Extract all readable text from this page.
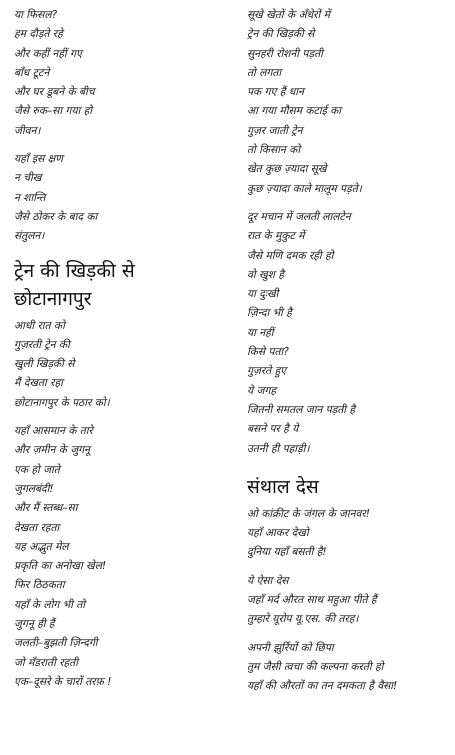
या फिसल?
हम दौड़ते रहे
और कहीं नहीं गए
बाँध टूटने
और घर डूबने के बीच
जैसे रुक–सा गया हो
जीवन।
यहाँ इस क्षण
न चीख
न शान्ति
जैसे ठोकर के बाद का
संतुलन।
ट्रेन की खिड़की से
छोटानागपुर
आधी रात को
गुज़रती ट्रेन की
खुली खिड़की से
मैं देखता रहा
छोटानागपुर के पठार को।
यहाँ आसमान के तारे
और ज़मीन के जुगनू
एक हो जाते
जुगलबंदी!
और मैं स्तब्ध–सा
देखता रहता
यह अद्भुत मेल
प्रकृति का अनोखा खेल!
फिर ठिठकता
यहाँ के लोग भी तो
जुगनू ही हैं
जलती–बुझती ज़िन्दगी
जो मँडराती रहती
एक–दूसरे के चारों तरफ़ !
सूखे खेतों के अँधेरों में
ट्रेन की खिड़की से
सुनहरी रोशनी पड़ती
तो लगता
पक गए हैं धान
आ गया मौसम कटाई का
गुज़र जाती ट्रेन
तो किसान को
खेत कुछ ज़्यादा सूखे
कुछ ज़्यादा काले मालूम पड़ते।
दूर मचान में जलती लालटेन
रात के मुकुट में
जैसे मणि दमक रही हो
वो खुश है
या दुःखी
ज़िन्दा भी है
या नहीं
किसे पता?
गुज़रते हुए
ये जगह
जितनी समतल जान पड़ती है
बसने पर है ये
उतनी ही पहाड़ी।
संथाल देस
ओ कांक्रीट के जंगल के जानवर!
यहाँ आकर देखो
दुनिया यहाँ बसती है!
ये ऐसा देस
जहाँ मर्द औरत साथ महुआ पीते हैं
तुम्हारे यूरोप यू.एस. की तरह।
अपनी झुर्रियों को छिपा
तुम जैसी त्वचा की कल्पना करती हो
यहाँ की औरतों का तन दमकता है वैसा!
